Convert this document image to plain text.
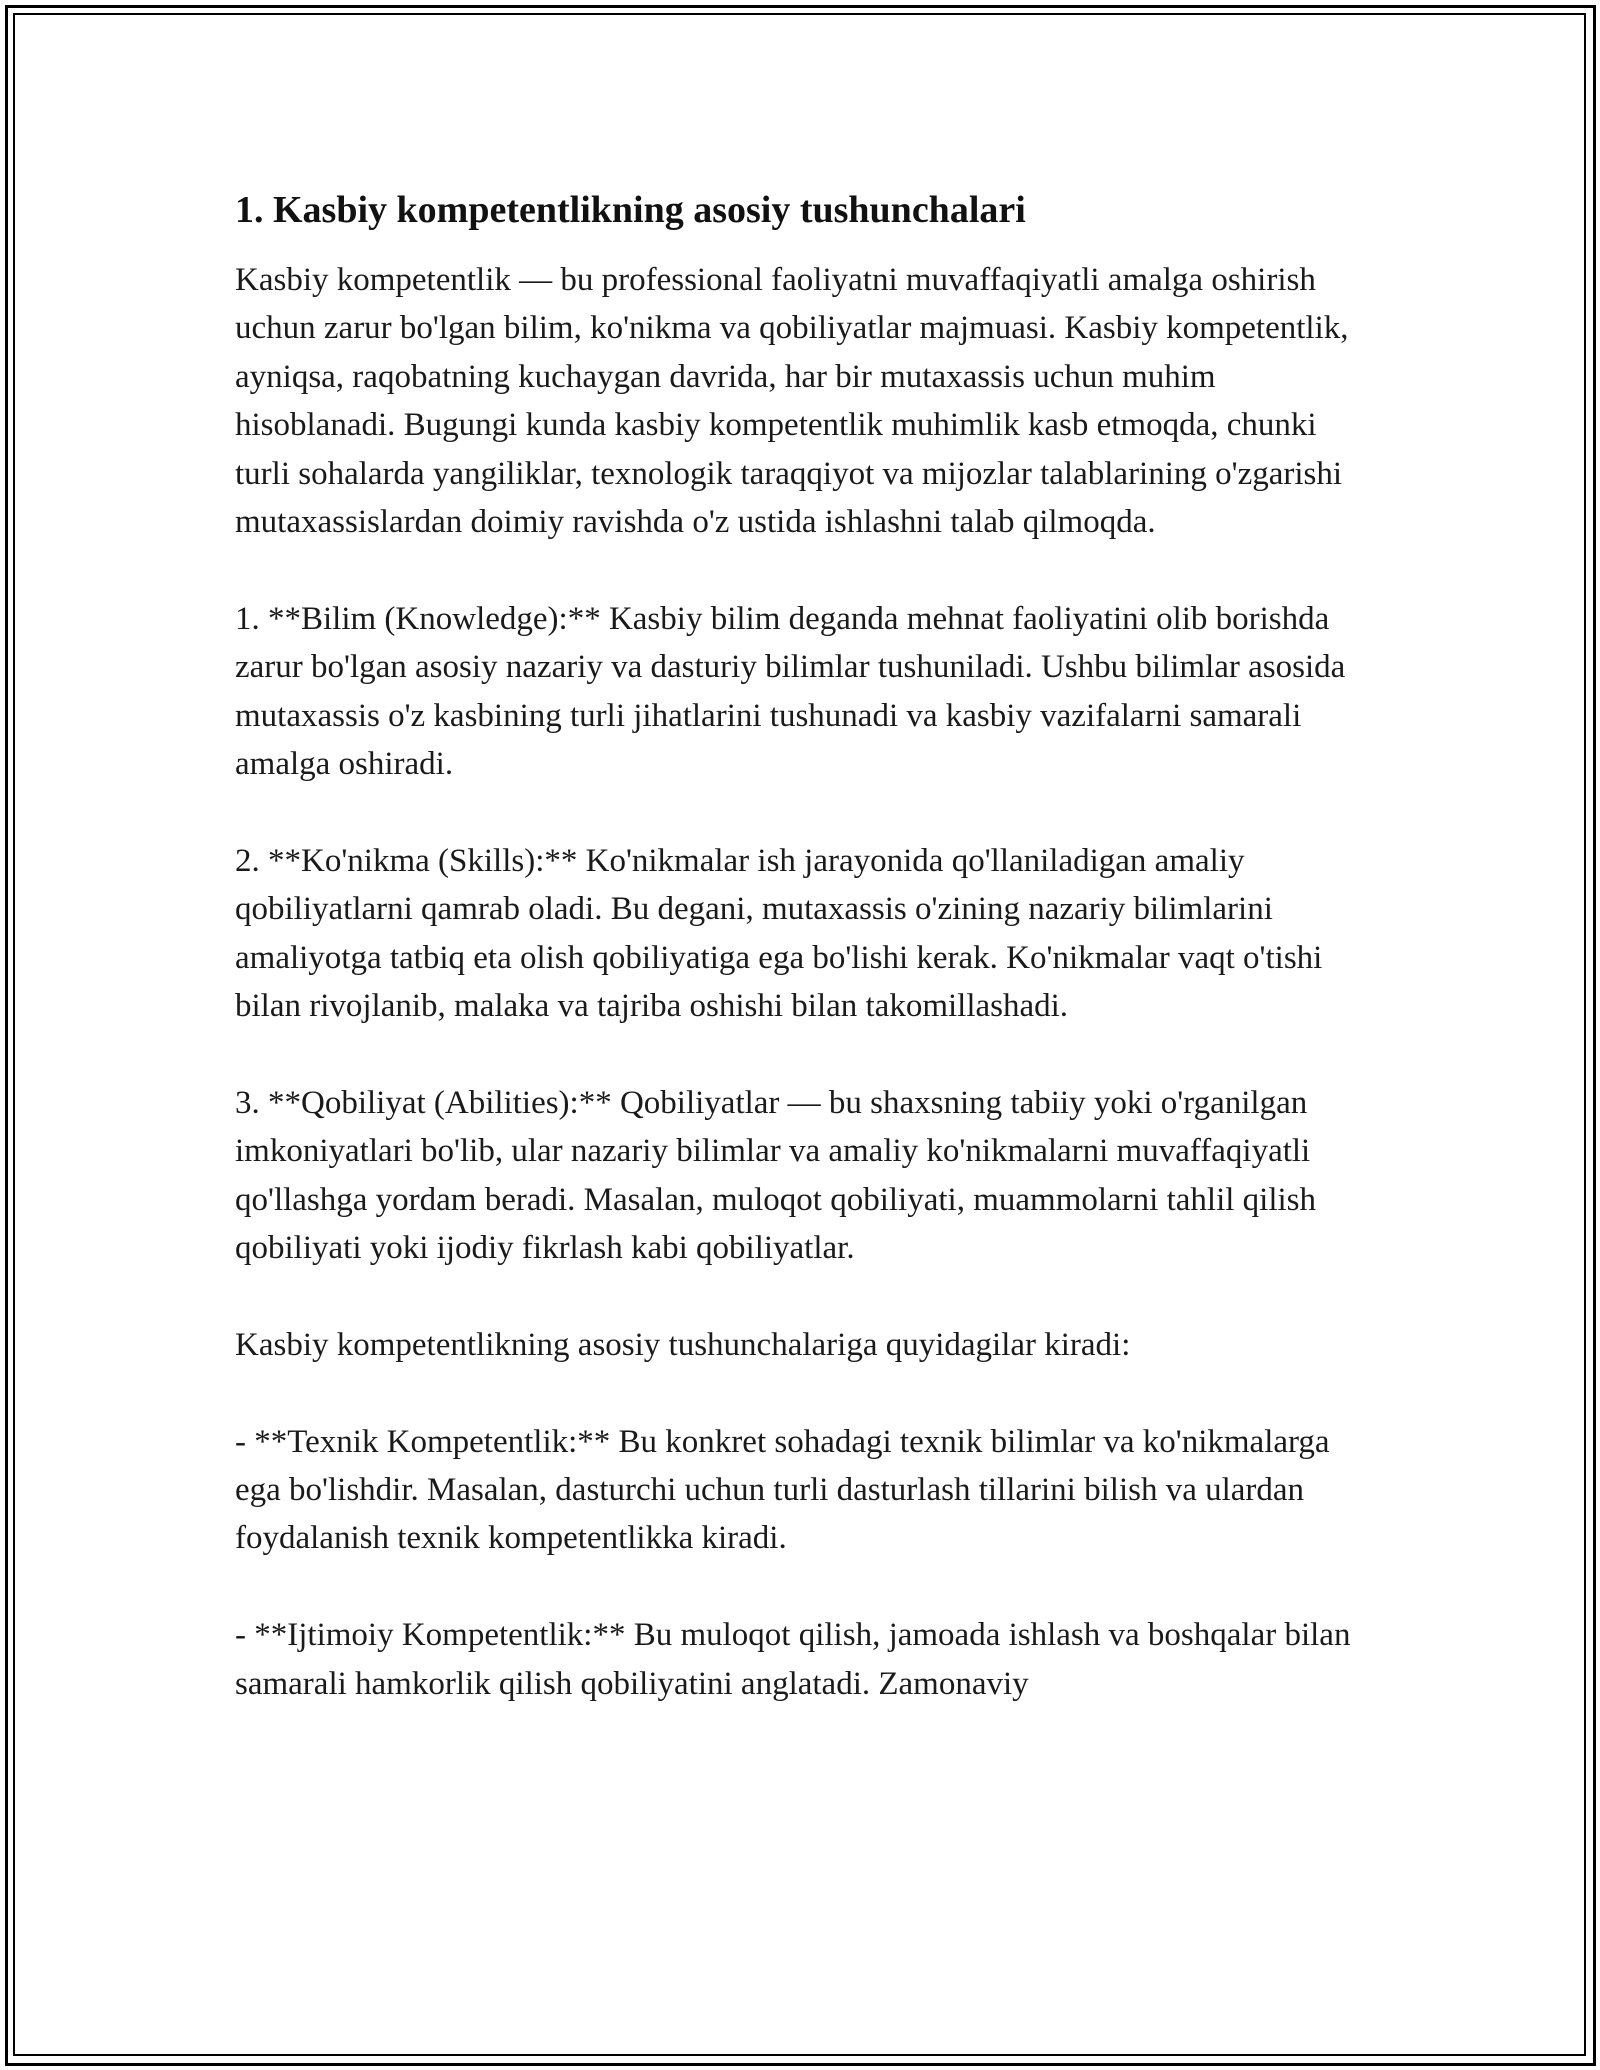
1. Kasbiy kompetentlikning asosiy tushunchalari

Kasbiy kompetentlik — bu professional faoliyatni muvaffaqiyatli amalga oshirish uchun zarur bo'lgan bilim, ko'nikma va qobiliyatlar majmuasi. Kasbiy kompetentlik, ayniqsa, raqobatning kuchaygan davrida, har bir mutaxassis uchun muhim hisoblanadi. Bugungi kunda kasbiy kompetentlik muhimlik kasb etmoqda, chunki turli sohalarda yangiliklar, texnologik taraqqiyot va mijozlar talablarining o'zgarishi mutaxassislardan doimiy ravishda o'z ustida ishlashni talab qilmoqda.

1. **Bilim (Knowledge):** Kasbiy bilim deganda mehnat faoliyatini olib borishda zarur bo'lgan asosiy nazariy va dasturiy bilimlar tushuniladi. Ushbu bilimlar asosida mutaxassis o'z kasbining turli jihatlarini tushunadi va kasbiy vazifalarni samarali amalga oshiradi.

2. **Ko'nikma (Skills):** Ko'nikmalar ish jarayonida qo'llaniladigan amaliy qobiliyatlarni qamrab oladi. Bu degani, mutaxassis o'zining nazariy bilimlarini amaliyotga tatbiq eta olish qobiliyatiga ega bo'lishi kerak. Ko'nikmalar vaqt o'tishi bilan rivojlanib, malaka va tajriba oshishi bilan takomillashadi.

3. **Qobiliyat (Abilities):** Qobiliyatlar — bu shaxsning tabiiy yoki o'rganilgan imkoniyatlari bo'lib, ular nazariy bilimlar va amaliy ko'nikmalarni muvaffaqiyatli qo'llashga yordam beradi. Masalan, muloqot qobiliyati, muammolarni tahlil qilish qobiliyati yoki ijodiy fikrlash kabi qobiliyatlar.

Kasbiy kompetentlikning asosiy tushunchalariga quyidagilar kiradi:

- **Texnik Kompetentlik:** Bu konkret sohadagi texnik bilimlar va ko'nikmalarga ega bo'lishdir. Masalan, dasturchi uchun turli dasturlash tillarini bilish va ulardan foydalanish texnik kompetentlikka kiradi.

- **Ijtimoiy Kompetentlik:** Bu muloqot qilish, jamoada ishlash va boshqalar bilan samarali hamkorlik qilish qobiliyatini anglatadi. Zamonaviy
